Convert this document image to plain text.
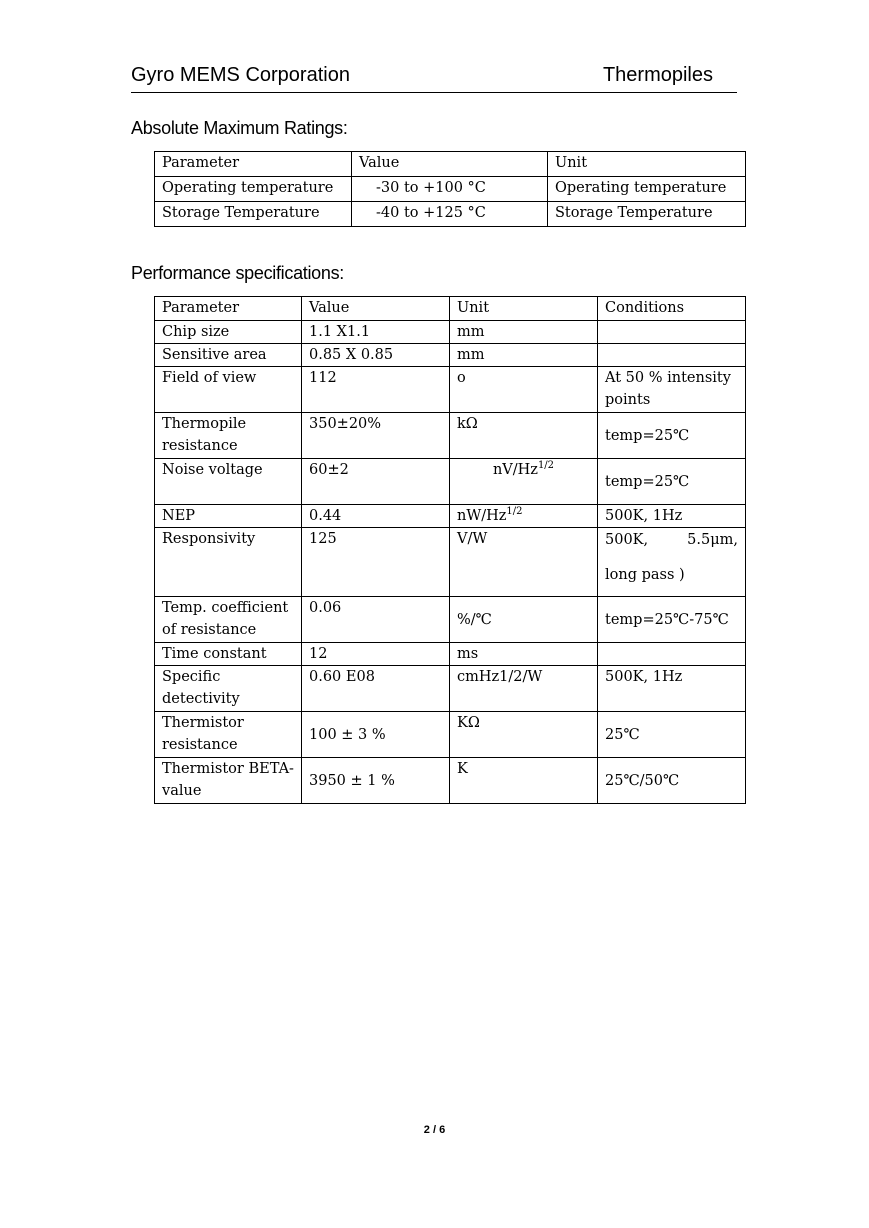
Gyro MEMS Corporation	Thermopiles
Absolute Maximum Ratings:
Parameter	Value	Unit
Operating temperature	-30 to +100 °C	Operating temperature
Storage Temperature	-40 to +125 °C	Storage Temperature
Performance specifications:
Parameter	Value	Unit	Conditions
Chip size	1.1 X1.1	mm	
Sensitive area	0.85 X 0.85	mm	
Field of view	112	o	At 50 % intensity points
Thermopile resistance	350±20%	kΩ	temp=25℃
Noise voltage	60±2	$nV/Hz^{1/2}$	temp=25℃
NEP	0.44	$nW/Hz^{1/2}$	500K, 1Hz
Responsivity	125	V/W	500K, 5.5μm,
long pass )

Temp. coefficient of resistance	0.06	%/℃	temp=25℃-75℃
Time constant	12	ms	
Specific detectivity	0.60 E08	cmHz1/2/W	500K, 1Hz
Thermistor resistance	100 ± 3 %	KΩ	25℃
Thermistor BETA-value	3950 ± 1 %	K	25℃/50℃
2 / 6
